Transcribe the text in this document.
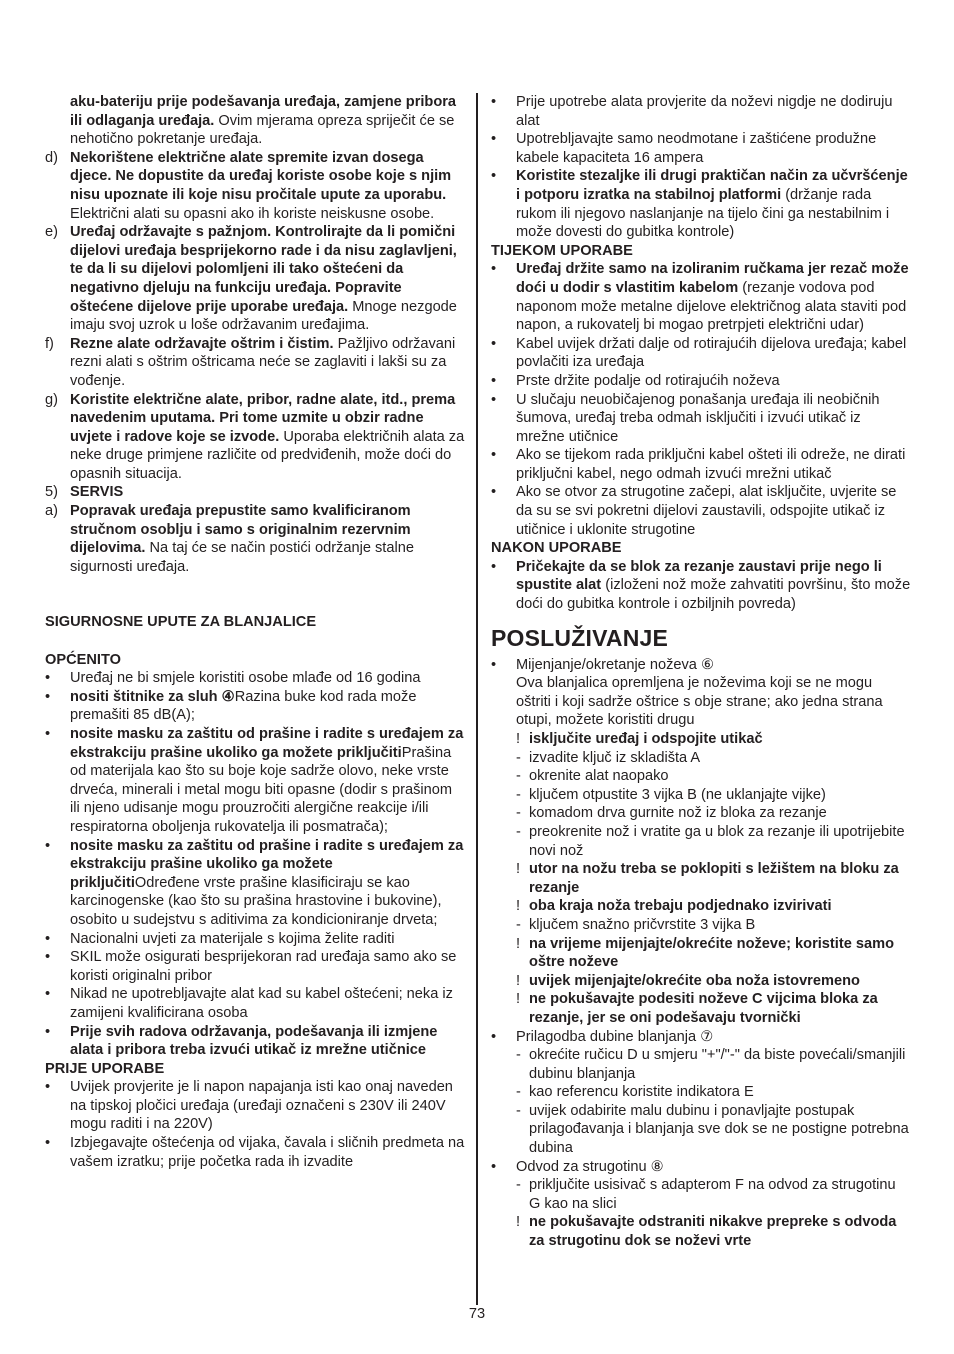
aku-bateriju prije podešavanja uređaja, zamjene pribora ili odlaganja uređaja. Ovim mjerama opreza spriječit će se nehotično pokretanje uređaja.
d) Nekorištene električne alate spremite izvan dosega djece. Ne dopustite da uređaj koriste osobe koje s njim nisu upoznate ili koje nisu pročitale upute za uporabu. Električni alati su opasni ako ih koriste neiskusne osobe.
e) Uređaj održavajte s pažnjom. Kontrolirajte da li pomični dijelovi uređaja besprijekorno rade i da nisu zaglavljeni, te da li su dijelovi polomljeni ili tako oštećeni da negativno djeluju na funkciju uređaja. Popravite oštećene dijelove prije uporabe uređaja. Mnoge nezgode imaju svoj uzrok u loše održavanim uređajima.
f) Rezne alate održavajte oštrim i čistim. Pažljivo održavani rezni alati s oštrim oštricama neće se zaglaviti i lakši su za vođenje.
g) Koristite električne alate, pribor, radne alate, itd., prema navedenim uputama. Pri tome uzmite u obzir radne uvjete i radove koje se izvode. Uporaba električnih alata za neke druge primjene različite od predviđenih, može doći do opasnih situacija.
5) SERVIS
a) Popravak uređaja prepustite samo kvalificiranom stručnom osoblju i samo s originalnim rezervnim dijelovima. Na taj će se način postići održanje stalne sigurnosti uređaja.
SIGURNOSNE UPUTE ZA BLANJALICE
OPĆENITO
• Uređaj ne bi smjele koristiti osobe mlađe od 16 godina
• nositi štitnike za sluh ④Razina buke kod rada može premašiti 85 dB(A);
• nosite masku za zaštitu od prašine i radite s uređajem za ekstrakciju prašine ukoliko ga možete priključitiPrašina od materijala kao što su boje koje sadrže olovo, neke vrste drveća, minerali i metal mogu biti opasne (dodir s prašinom ili njeno udisanje mogu prouzročiti alergične reakcije i/ili respiratorna oboljenja rukovatelja ili posmatrača);
• nosite masku za zaštitu od prašine i radite s uređajem za ekstrakciju prašine ukoliko ga možete priključitiOdređene vrste prašine klasificiraju se kao karcinogenske (kao što su prašina hrastovine i bukovine), osobito u sudejstvu s aditivima za kondicioniranje drveta;
• Nacionalni uvjeti za materijale s kojima želite raditi
• SKIL može osigurati besprijekoran rad uređaja samo ako se koristi originalni pribor
• Nikad ne upotrebljavajte alat kad su kabel oštećeni; neka iz zamijeni kvalificirana osoba
• Prije svih radova održavanja, podešavanja ili izmjene alata i pribora treba izvući utikač iz mrežne utičnice
PRIJE UPORABE
• Uvijek provjerite je li napon napajanja isti kao onaj naveden na tipskoj pločici uređaja (uređaji označeni s 230V ili 240V mogu raditi i na 220V)
• Izbjegavajte oštećenja od vijaka, čavala i sličnih predmeta na vašem izratku; prije početka rada ih izvadite
• Prije upotrebe alata provjerite da noževi nigdje ne dodiruju alat
• Upotrebljavajte samo neodmotane i zaštićene produžne kabele kapaciteta 16 ampera
• Koristite stezaljke ili drugi praktičan način za učvršćenje i potporu izratka na stabilnoj platformi (držanje rada rukom ili njegovo naslanjanje na tijelo čini ga nestabilnim i može dovesti do gubitka kontrole)
TIJEKOM UPORABE
• Uređaj držite samo na izoliranim ručkama jer rezač može doći u dodir s vlastitim kabelom (rezanje vodova pod naponom može metalne dijelove električnog alata staviti pod napon, a rukovatelj bi mogao pretrpjeti električni udar)
• Kabel uvijek držati dalje od rotirajućih dijelova uređaja; kabel povlačiti iza uređaja
• Prste držite podalje od rotirajućih noževa
• U slučaju neuobičajenog ponašanja uređaja ili neobičnih šumova, uređaj treba odmah isključiti i izvući utikač iz mrežne utičnice
• Ako se tijekom rada priključni kabel ošteti ili odreže, ne dirati priključni kabel, nego odmah izvući mrežni utikač
• Ako se otvor za strugotine začepi, alat isključite, uvjerite se da su se svi pokretni dijelovi zaustavili, odspojite utikač iz utičnice i uklonite strugotine
NAKON UPORABE
• Pričekajte da se blok za rezanje zaustavi prije nego li spustite alat (izloženi nož može zahvatiti površinu, što može doći do gubitka kontrole i ozbiljnih povreda)
POSLUŽIVANJE
• Mijenjanje/okretanje noževa ⑥
Ova blanjalica opremljena je noževima koji se ne mogu oštriti i koji sadrže oštrice s obje strane; ako jedna strana otupi, možete koristiti drugu
! isključite uređaj i odspojite utikač
- izvadite ključ iz skladišta A
- okrenite alat naopako
- ključem otpustite 3 vijka B (ne uklanjajte vijke)
- komadom drva gurnite nož iz bloka za rezanje
- preokrenite nož i vratite ga u blok za rezanje ili upotrijebite novi nož
! utor na nožu treba se poklopiti s ležištem na bloku za rezanje
! oba kraja noža trebaju podjednako izvirivati
- ključem snažno pričvrstite 3 vijka B
! na vrijeme mijenjajte/okrećite noževe; koristite samo oštre noževe
! uvijek mijenjajte/okrećite oba noža istovremeno
! ne pokušavajte podesiti noževe C vijcima bloka za rezanje, jer se oni podešavaju tvornički
• Prilagodba dubine blanjanja ⑦
- okrećite ručicu D u smjeru "+"/"-" da biste povećali/smanjili dubinu blanjanja
- kao referencu koristite indikatora E
- uvijek odabirite malu dubinu i ponavljajte postupak prilagođavanja i blanjanja sve dok se ne postigne potrebna dubina
• Odvod za strugotinu ⑧
- priključite usisivač s adapterom F na odvod za strugotinu G kao na slici
! ne pokušavajte odstraniti nikakve prepreke s odvoda za strugotinu dok se noževi vrte
73
